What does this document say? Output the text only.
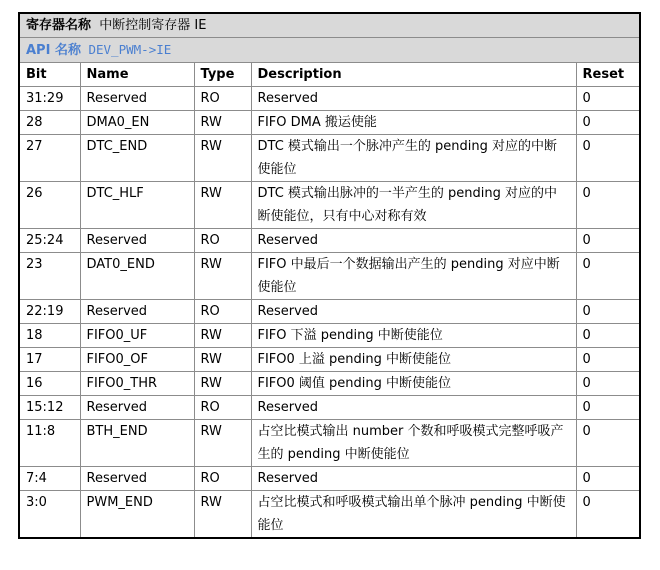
寄存器名称 中断控制寄存器 IE				
API 名称 DEV_PWM->IE				
Bit	Name	Type	Description	Reset
31:29	Reserved	RO	Reserved	0
28	DMA0_EN	RW	FIFO DMA 搬运使能	0
27	DTC_END	RW	DTC 模式输出一个脉冲产生的 pending 对应的中断使能位	0
26	DTC_HLF	RW	DTC 模式输出脉冲的一半产生的 pending 对应的中断使能位，只有中心对称有效	0
25:24	Reserved	RO	Reserved	0
23	DAT0_END	RW	FIFO 中最后一个数据输出产生的 pending 对应中断使能位	0
22:19	Reserved	RO	Reserved	0
18	FIFO0_UF	RW	FIFO 下溢 pending 中断使能位	0
17	FIFO0_OF	RW	FIFO0 上溢 pending 中断使能位	0
16	FIFO0_THR	RW	FIFO0 阈值 pending 中断使能位	0
15:12	Reserved	RO	Reserved	0
11:8	BTH_END	RW	占空比模式输出 number 个数和呼吸模式完整呼吸产生的 pending 中断使能位	0
7:4	Reserved	RO	Reserved	0
3:0	PWM_END	RW	占空比模式和呼吸模式输出单个脉冲 pending 中断使能位	0
